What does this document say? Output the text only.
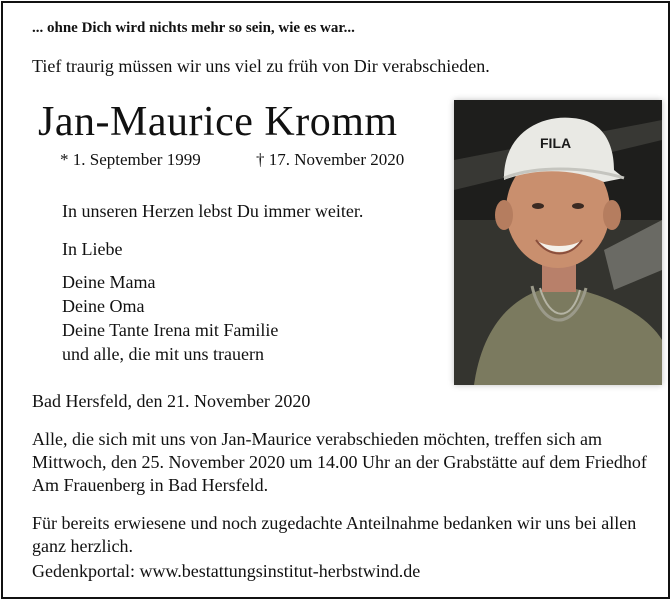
... ohne Dich wird nichts mehr so sein, wie es war...
Tief traurig müssen wir uns viel zu früh von Dir verabschieden.
Jan-Maurice Kromm
* 1. September 1999	† 17. November 2020
In unseren Herzen lebst Du immer weiter.
In Liebe
Deine Mama
Deine Oma
Deine Tante Irena mit Familie
und alle, die mit uns trauern
Bad Hersfeld, den 21. November 2020
Alle, die sich mit uns von Jan-Maurice verabschieden möchten, treffen sich am Mittwoch, den 25. November 2020 um 14.00 Uhr an der Grabstätte auf dem Friedhof Am Frauenberg in Bad Hersfeld.
Für bereits erwiesene und noch zugedachte Anteilnahme bedanken wir uns bei allen ganz herzlich.
Gedenkportal: www.bestattungsinstitut-herbstwind.de
FILA
